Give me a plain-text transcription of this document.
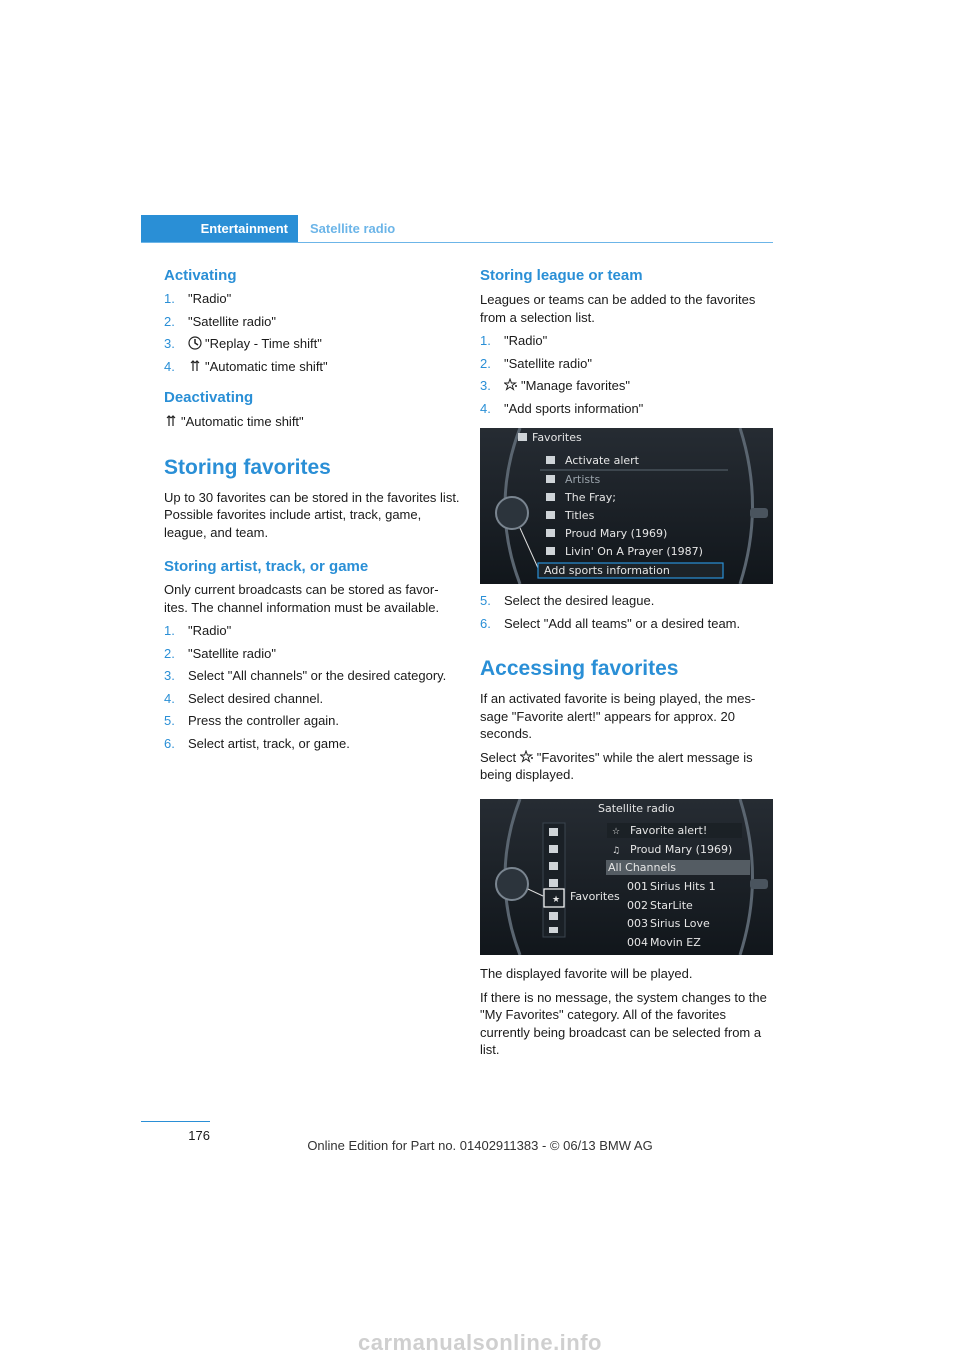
Entertainment	Satellite radio
Activating
1. "Radio"
2. "Satellite radio"
3. "Replay - Time shift"
4. "Automatic time shift"
Deactivating

"Automatic time shift"

Storing favorites

Up to 30 favorites can be stored in the favorites list. Possible favorites include artist, track, game, league, and team.

Storing artist, track, or game

Only current broadcasts can be stored as favor-ites. The channel information must be available.

1. "Radio"
2. "Satellite radio"
3. Select "All channels" or the desired category.
4. Select desired channel.
5. Press the controller again.
6. Select artist, track, or game.
Storing league or team

Leagues or teams can be added to the favorites from a selection list.

1. "Radio"
2. "Satellite radio"
3. "Manage favorites"
4. "Add sports information"
Favorites
Activate alert
Artists
The Fray;
Titles
Proud Mary (1969)
Livin' On A Prayer (1987)
Add sports information
5. Select the desired league.
6. Select "Add all teams" or a desired team.
Accessing favorites

If an activated favorite is being played, the mes-sage "Favorite alert!" appears for approx. 20 seconds.

Select "Favorites" while the alert message is being displayed.

Satellite radio
★ Favorites
☆ Favorite alert!
♫ Proud Mary (1969)
All Channels
001 Sirius Hits 1
002 StarLite
003 Sirius Love
004 Movin EZ

The displayed favorite will be played.

If there is no message, the system changes to the "My Favorites" category. All of the favorites currently being broadcast can be selected from a list.

176
Online Edition for Part no. 01402911383 - © 06/13 BMW AG
carmanualsonline.info
